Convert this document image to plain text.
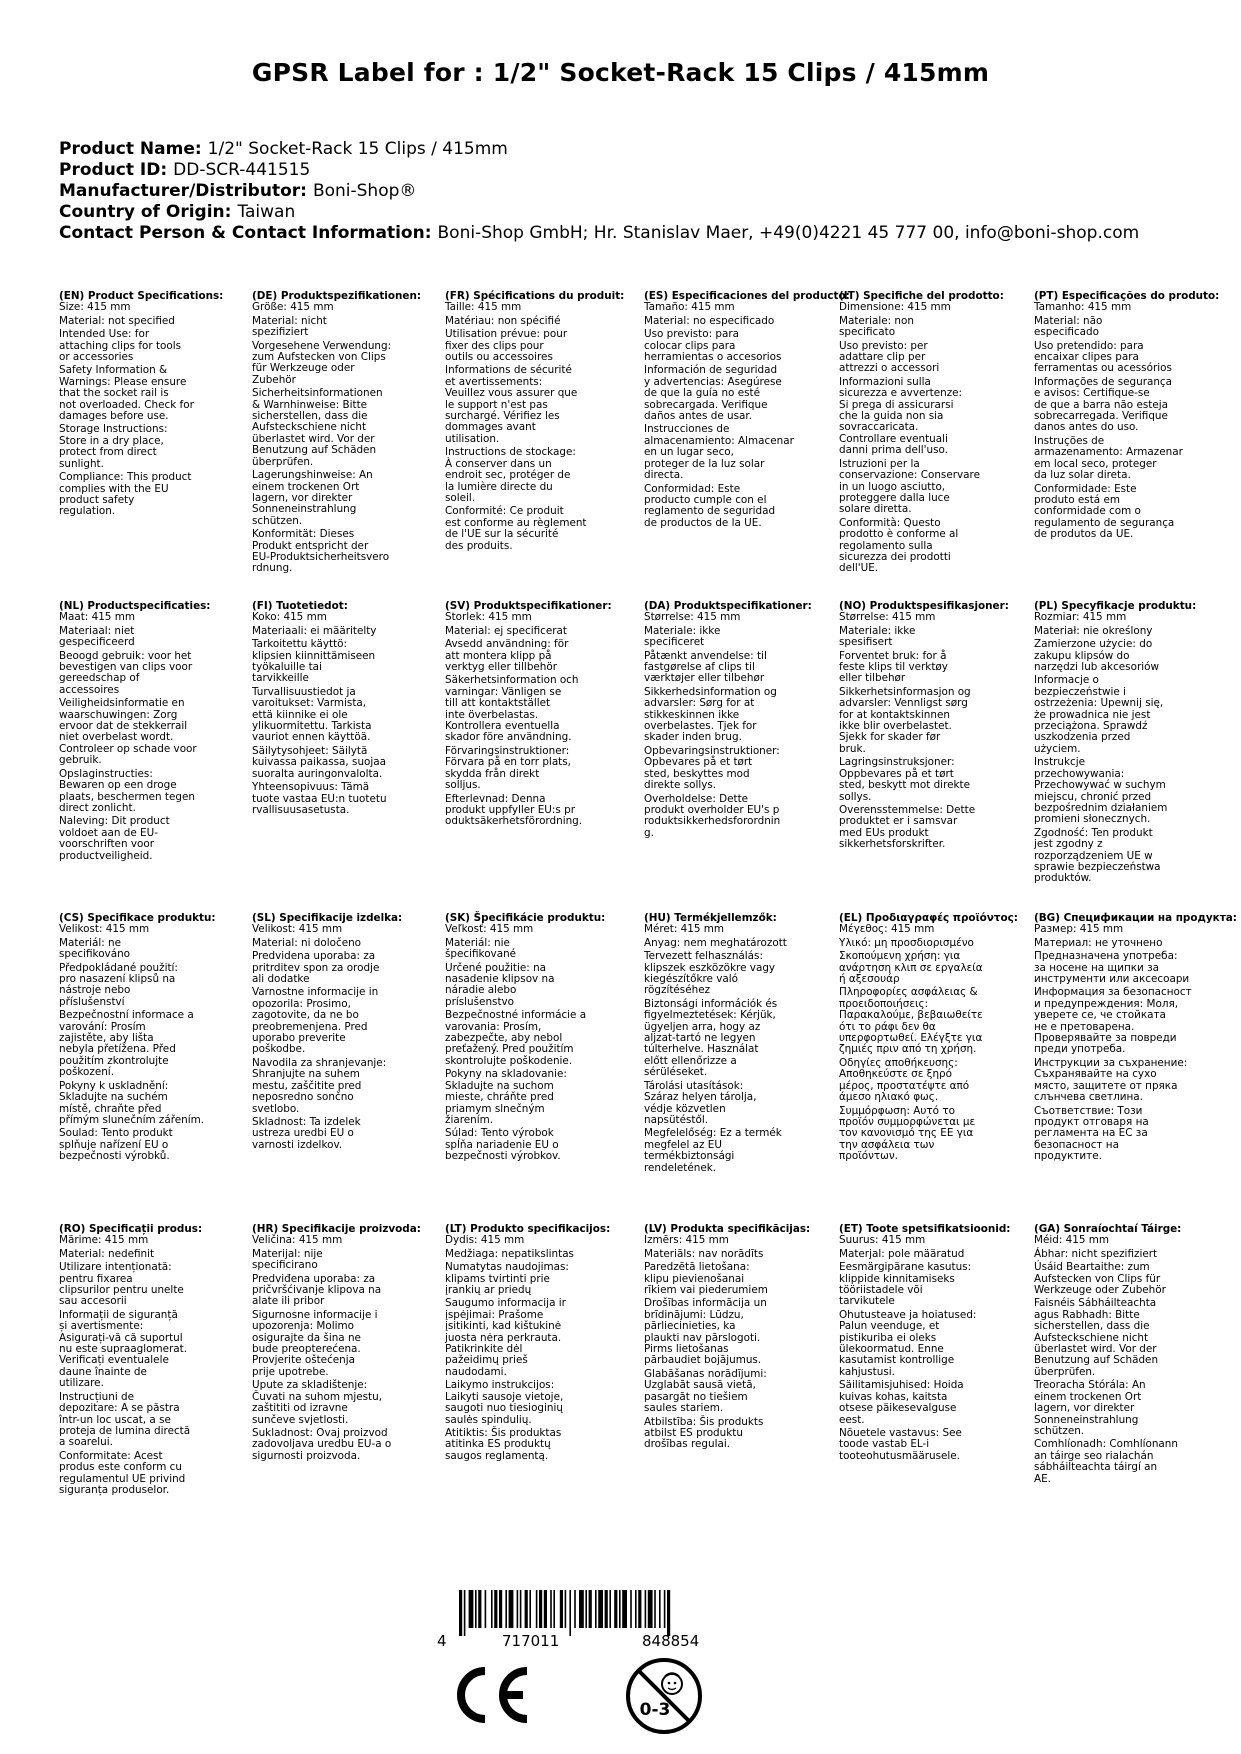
GPSR Label for : 1/2" Socket-Rack 15 Clips / 415mm
Product Name: 1/2" Socket-Rack 15 Clips / 415mm
Product ID: DD-SCR-441515
Manufacturer/Distributor: Boni-Shop®
Country of Origin: Taiwan
Contact Person & Contact Information: Boni-Shop GmbH; Hr. Stanislav Maer, +49(0)4221 45 777 00, info@boni-shop.com
(EN) Product Specifications:

Size: 415 mm

Material: not specified

Intended Use: for
attaching clips for tools
or accessories

Safety Information &
Warnings: Please ensure
that the socket rail is
not overloaded. Check for
damages before use.

Storage Instructions:
Store in a dry place,
protect from direct
sunlight.

Compliance: This product
complies with the EU
product safety
regulation.

(DE) Produktspezifikationen:

Größe: 415 mm

Material: nicht
spezifiziert

Vorgesehene Verwendung:
zum Aufstecken von Clips
für Werkzeuge oder
Zubehör

Sicherheitsinformationen
& Warnhinweise: Bitte
sicherstellen, dass die
Aufsteckschiene nicht
überlastet wird. Vor der
Benutzung auf Schäden
überprüfen.

Lagerungshinweise: An
einem trockenen Ort
lagern, vor direkter
Sonneneinstrahlung
schützen.

Konformität: Dieses
Produkt entspricht der
EU-Produktsicherheitsvero
rdnung.

(FR) Spécifications du produit:

Taille: 415 mm

Matériau: non spécifié

Utilisation prévue: pour
fixer des clips pour
outils ou accessoires

Informations de sécurité
et avertissements:
Veuillez vous assurer que
le support n'est pas
surchargé. Vérifiez les
dommages avant
utilisation.

Instructions de stockage:
À conserver dans un
endroit sec, protéger de
la lumière directe du
soleil.

Conformité: Ce produit
est conforme au règlement
de l'UE sur la sécurité
des produits.

(ES) Especificaciones del producto:

Tamaño: 415 mm

Material: no especificado

Uso previsto: para
colocar clips para
herramientas o accesorios

Información de seguridad
y advertencias: Asegúrese
de que la guía no esté
sobrecargada. Verifique
daños antes de usar.

Instrucciones de
almacenamiento: Almacenar
en un lugar seco,
proteger de la luz solar
directa.

Conformidad: Este
producto cumple con el
reglamento de seguridad
de productos de la UE.

(IT) Specifiche del prodotto:

Dimensione: 415 mm

Materiale: non
specificato

Uso previsto: per
adattare clip per
attrezzi o accessori

Informazioni sulla
sicurezza e avvertenze:
Si prega di assicurarsi
che la guida non sia
sovraccaricata.
Controllare eventuali
danni prima dell'uso.

Istruzioni per la
conservazione: Conservare
in un luogo asciutto,
proteggere dalla luce
solare diretta.

Conformità: Questo
prodotto è conforme al
regolamento sulla
sicurezza dei prodotti
dell'UE.

(PT) Especificações do produto:

Tamanho: 415 mm

Material: não
especificado

Uso pretendido: para
encaixar clipes para
ferramentas ou acessórios

Informações de segurança
e avisos: Certifique-se
de que a barra não esteja
sobrecarregada. Verifique
danos antes do uso.

Instruções de
armazenamento: Armazenar
em local seco, proteger
da luz solar direta.

Conformidade: Este
produto está em
conformidade com o
regulamento de segurança
de produtos da UE.

(NL) Productspecificaties:

Maat: 415 mm

Materiaal: niet
gespecificeerd

Beoogd gebruik: voor het
bevestigen van clips voor
gereedschap of
accessoires

Veiligheidsinformatie en
waarschuwingen: Zorg
ervoor dat de stekkerrail
niet overbelast wordt.
Controleer op schade voor
gebruik.

Opslaginstructies:
Bewaren op een droge
plaats, beschermen tegen
direct zonlicht.

Naleving: Dit product
voldoet aan de EU-
voorschriften voor
productveiligheid.

(FI) Tuotetiedot:

Koko: 415 mm

Materiaali: ei määritelty

Tarkoitettu käyttö:
klipsien kiinnittämiseen
työkaluille tai
tarvikkeille

Turvallisuustiedot ja
varoitukset: Varmista,
että kiinnike ei ole
ylikuormitettu. Tarkista
vauriot ennen käyttöä.

Säilytysohjeet: Säilytä
kuivassa paikassa, suojaa
suoralta auringonvalolta.

Yhteensopivuus: Tämä
tuote vastaa EU:n tuotetu
rvallisuusasetusta.

(SV) Produktspecifikationer:

Storlek: 415 mm

Material: ej specificerat

Avsedd användning: för
att montera klipp på
verktyg eller tillbehör

Säkerhetsinformation och
varningar: Vänligen se
till att kontaktstället
inte överbelastas.
Kontrollera eventuella
skador före användning.

Förvaringsinstruktioner:
Förvara på en torr plats,
skydda från direkt
solljus.

Efterlevnad: Denna
produkt uppfyller EU:s pr
oduktsäkerhetsförordning.

(DA) Produktspecifikationer:

Størrelse: 415 mm

Materiale: ikke
specificeret

Påtænkt anvendelse: til
fastgørelse af clips til
værktøjer eller tilbehør

Sikkerhedsinformation og
advarsler: Sørg for at
stikkeskinnen ikke
overbelastes. Tjek for
skader inden brug.

Opbevaringsinstruktioner:
Opbevares på et tørt
sted, beskyttes mod
direkte sollys.

Overholdelse: Dette
produkt overholder EU's p
roduktsikkerhedsforordnin
g.

(NO) Produktspesifikasjoner:

Størrelse: 415 mm

Materiale: ikke
spesifisert

Forventet bruk: for å
feste klips til verktøy
eller tilbehør

Sikkerhetsinformasjon og
advarsler: Vennligst sørg
for at kontaktskinnen
ikke blir overbelastet.
Sjekk for skader før
bruk.

Lagringsinstruksjoner:
Oppbevares på et tørt
sted, beskytt mot direkte
sollys.

Overensstemmelse: Dette
produktet er i samsvar
med EUs produkt
sikkerhetsforskrifter.

(PL) Specyfikacje produktu:

Rozmiar: 415 mm

Materiał: nie określony

Zamierzone użycie: do
zakupu klipsów do
narzędzi lub akcesoriów

Informacje o
bezpieczeństwie i
ostrzeżenia: Upewnij się,
że prowadnica nie jest
przeciążona. Sprawdź
uszkodzenia przed
użyciem.

Instrukcje
przechowywania:
Przechowywać w suchym
miejscu, chronić przed
bezpośrednim działaniem
promieni słonecznych.

Zgodność: Ten produkt
jest zgodny z
rozporządzeniem UE w
sprawie bezpieczeństwa
produktów.

(CS) Specifikace produktu:

Velikost: 415 mm

Materiál: ne
specifikováno

Předpokládané použití:
pro nasazení klipsů na
nástroje nebo
příslušenství

Bezpečnostní informace a
varování: Prosím
zajistěte, aby lišta
nebyla přetížena. Před
použitím zkontrolujte
poškození.

Pokyny k uskladnění:
Skladujte na suchém
místě, chraňte před
přímým slunečním zářením.

Soulad: Tento produkt
splňuje nařízení EU o
bezpečnosti výrobků.

(SL) Specifikacije izdelka:

Velikost: 415 mm

Material: ni določeno

Predvidena uporaba: za
pritrditev spon za orodje
ali dodatke

Varnostne informacije in
opozorila: Prosimo,
zagotovite, da ne bo
preobremenjena. Pred
uporabo preverite
poškodbe.

Navodila za shranjevanje:
Shranjujte na suhem
mestu, zaščitite pred
neposredno sončno
svetlobo.

Skladnost: Ta izdelek
ustreza uredbi EU o
varnosti izdelkov.

(SK) Špecifikácie produktu:

Veľkosť: 415 mm

Materiál: nie
špecifikované

Určené použitie: na
nasadenie klipsov na
náradie alebo
príslušenstvo

Bezpečnostné informácie a
varovania: Prosím,
zabezpečte, aby nebol
preťažený. Pred použitím
skontrolujte poškodenie.

Pokyny na skladovanie:
Skladujte na suchom
mieste, chráňte pred
priamym slnečným
žiarením.

Súlad: Tento výrobok
spĺňa nariadenie EU o
bezpečnosti výrobkov.

(HU) Termékjellemzők:

Méret: 415 mm

Anyag: nem meghatározott

Tervezett felhasználás:
klipszek eszközökre vagy
kiegészítőkre való
rögzítéséhez

Biztonsági információk és
figyelmeztetések: Kérjük,
ügyeljen arra, hogy az
aljzat-tartó ne legyen
túlterhelve. Használat
előtt ellenőrizze a
sérüléseket.

Tárolási utasítások:
Száraz helyen tárolja,
védje közvetlen
napsütéstől.

Megfelelőség: Ez a termék
megfelel az EU
termékbiztonsági
rendeletének.

(EL) Προδιαγραφές προϊόντος:

Μέγεθος: 415 mm

Υλικό: μη προσδιορισμένο

Σκοπούμενη χρήση: για
ανάρτηση κλιπ σε εργαλεία
ή αξεσουάρ

Πληροφορίες ασφάλειας &
προειδοποιήσεις:
Παρακαλούμε, βεβαιωθείτε
ότι το ράφι δεν θα
υπερφορτωθεί. Ελέγξτε για
ζημιές πριν από τη χρήση.

Οδηγίες αποθήκευσης:
Αποθηκεύστε σε ξηρό
μέρος, προστατέψτε από
άμεσο ηλιακό φως.

Συμμόρφωση: Αυτό το
προϊόν συμμορφώνεται με
τον κανονισμό της ΕΕ για
την ασφάλεια των
προϊόντων.

(BG) Спецификации на продукта:

Размер: 415 mm

Материал: не уточнено

Предназначена употреба:
за носене на щипки за
инструменти или аксесоари

Информация за безопасност
и предупреждения: Моля,
уверете се, че стойката
не е претоварена.
Проверявайте за повреди
преди употреба.

Инструкции за съхранение:
Съхранявайте на сухо
място, защитете от пряка
слънчева светлина.

Съответствие: Този
продукт отговаря на
регламента на ЕС за
безопасност на
продуктите.

(RO) Specificații produs:

Mărime: 415 mm

Material: nedefinit

Utilizare intenționată:
pentru fixarea
clipsurilor pentru unelte
sau accesorii

Informații de siguranță
și avertismente:
Asigurați-vă că suportul
nu este supraaglomerat.
Verificați eventualele
daune înainte de
utilizare.

Instrucțiuni de
depozitare: A se păstra
într-un loc uscat, a se
proteja de lumina directă
a soarelui.

Conformitate: Acest
produs este conform cu
regulamentul UE privind
siguranța produselor.

(HR) Specifikacije proizvoda:

Veličina: 415 mm

Materijal: nije
specificirano

Predviđena uporaba: za
pričvršćivanje klipova na
alate ili pribor

Sigurnosne informacije i
upozorenja: Molimo
osigurajte da šina ne
bude preopterećena.
Provjerite oštećenja
prije upotrebe.

Upute za skladištenje:
Čuvati na suhom mjestu,
zaštititi od izravne
sunčeve svjetlosti.

Sukladnost: Ovaj proizvod
zadovoljava uredbu EU-a o
sigurnosti proizvoda.

(LT) Produkto specifikacijos:

Dydis: 415 mm

Medžiaga: nepatikslintas

Numatytas naudojimas:
klipams tvirtinti prie
įrankių ar priedų

Saugumo informacija ir
įspėjimai: Prašome
įsitikinti, kad kištukinė
juosta nėra perkrauta.
Patikrinkite dėl
pažeidimų prieš
naudodami.

Laikymo instrukcijos:
Laikyti sausoje vietoje,
saugoti nuo tiesioginių
saulės spindulių.

Atitiktis: Šis produktas
atitinka ES produktų
saugos reglamentą.

(LV) Produkta specifikācijas:

Izmērs: 415 mm

Materiāls: nav norādīts

Paredzētā lietošana:
klipu pievienošanai
rīkiem vai piederumiem

Drošības informācija un
brīdinājumi: Lūdzu,
pārliecinieties, ka
plaukti nav pārslogoti.
Pirms lietošanas
pārbaudiet bojājumus.

Glabāšanas norādījumi:
Uzglabāt sausā vietā,
pasargāt no tiešiem
saules stariem.

Atbilstība: Šis produkts
atbilst ES produktu
drošības regulai.

(ET) Toote spetsifikatsioonid:

Suurus: 415 mm

Materjal: pole määratud

Eesmärgipärane kasutus:
klippide kinnitamiseks
tööriistadele või
tarvikutele

Ohutusteave ja hoiatused:
Palun veenduge, et
pistikuriba ei oleks
ülekoormatud. Enne
kasutamist kontrollige
kahjustusi.

Säilitamisjuhised: Hoida
kuivas kohas, kaitsta
otsese päikesevalguse
eest.

Nõuetele vastavus: See
toode vastab EL-i
tooteohutusmäärusele.

(GA) Sonraíochtaí Táirge:

Méid: 415 mm

Ábhar: nicht spezifiziert

Úsáid Beartaithe: zum
Aufstecken von Clips für
Werkzeuge oder Zubehör

Faisnéis Sábháilteachta
agus Rabhadh: Bitte
sicherstellen, dass die
Aufsteckschiene nicht
überlastet wird. Vor der
Benutzung auf Schäden
überprüfen.

Treoracha Stórála: An
einem trockenen Ort
lagern, vor direkter
Sonneneinstrahlung
schützen.

Comhlíonadh: Comhlíonann
an táirge seo rialachán
sábháilteachta táirgí an
AE.

4	717011	848854
0-3
